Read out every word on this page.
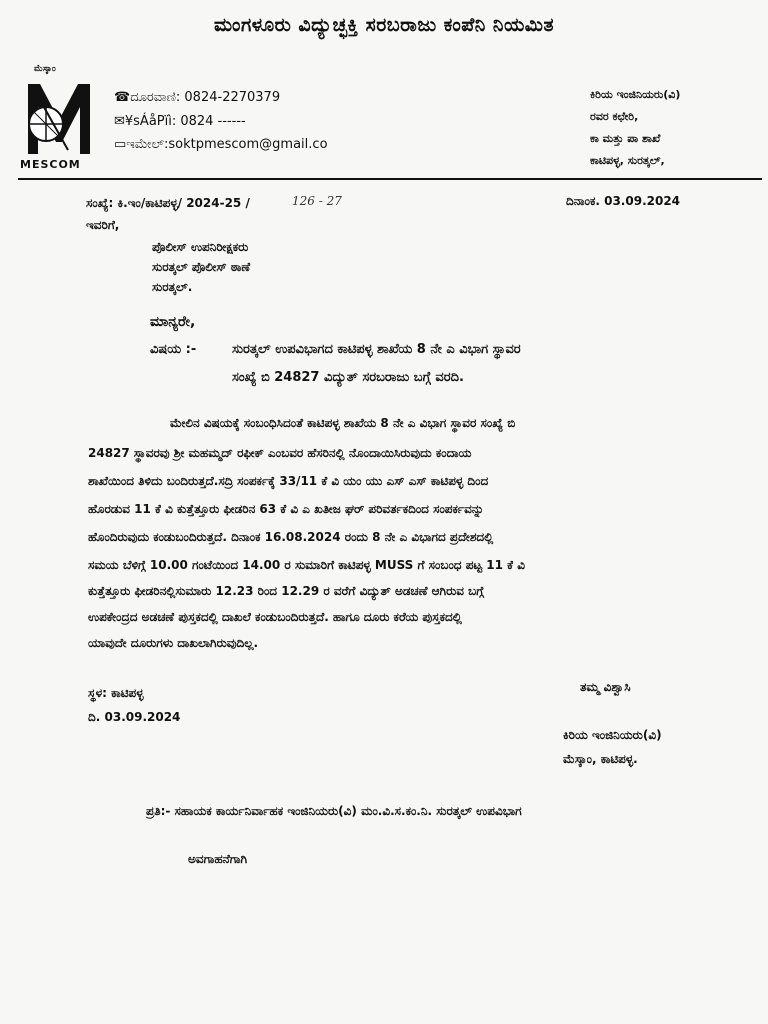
ಮಂಗಳೂರು ವಿದ್ಯುಚ್ಛಕ್ತಿ ಸರಬರಾಜು ಕಂಪೆನಿ ನಿಯಮಿತ
ಮೆಸ್ಕಾಂ
MESCOM
☎ದೂರವಾಣಿ: 0824-2270379
✉¥sÁåPïì: 0824 ------
▭ಇಮೇಲ್:soktpmescom@gmail.co
ಕಿರಿಯ ಇಂಜಿನಿಯರು(ವಿ)
ರವರ ಕಛೇರಿ,
ಕಾ ಮತ್ತು ಪಾ ಶಾಖೆ
ಕಾಟಿಪಳ್ಳ, ಸುರತ್ಕಲ್,
ಸಂಖ್ಯೆ: ಕಿ.ಇಂ/ಕಾಟಿಪಳ್ಳ/ 2024-25 /	126 - 27	ದಿನಾಂಕ. 03.09.2024
ಇವರಿಗೆ,
ಪೊಲೀಸ್ ಉಪನಿರೀಕ್ಷಕರು
ಸುರತ್ಕಲ್ ಪೊಲೀಸ್ ಠಾಣೆ
ಸುರತ್ಕಲ್.
ಮಾನ್ಯರೇ,
ವಿಷಯ :-	ಸುರತ್ಕಲ್ ಉಪವಿಭಾಗದ ಕಾಟಿಪಳ್ಳ ಶಾಖೆಯ 8 ನೇ ಎ ವಿಭಾಗ ಸ್ಥಾವರ
ಸಂಖ್ಯೆ ಬಿ 24827 ವಿದ್ಯುತ್ ಸರಬರಾಜು ಬಗ್ಗೆ ವರದಿ.
ಮೇಲಿನ ವಿಷಯಕ್ಕೆ ಸಂಬಂಧಿಸಿದಂತೆ ಕಾಟಿಪಳ್ಳ ಶಾಖೆಯ 8 ನೇ ಎ ವಿಭಾಗ ಸ್ಥಾವರ ಸಂಖ್ಯೆ ಬಿ
24827 ಸ್ಥಾವರವು ಶ್ರೀ ಮಹಮ್ಮದ್ ರಫೀಕ್ ಎಂಬವರ ಹೆಸರಿನಲ್ಲಿ ನೊಂದಾಯಿಸಿರುವುದು ಕಂದಾಯ
ಶಾಖೆಯಿಂದ ತಿಳಿದು ಬಂದಿರುತ್ತದೆ.ಸದ್ರಿ ಸಂಪರ್ಕಕ್ಕೆ 33/11 ಕೆ ವಿ ಯಂ ಯು ಎಸ್ ಎಸ್ ಕಾಟಿಪಳ್ಳ ದಿಂದ
ಹೊರಡುವ 11 ಕೆ ವಿ ಕುತ್ತೆತ್ತೂರು ಫೀಡರಿನ 63 ಕೆ ವಿ ಎ ಖತೀಜ ಘರ್ ಪರಿವರ್ತಕದಿಂದ ಸಂಪರ್ಕವನ್ನು
ಹೊಂದಿರುವುದು ಕಂಡುಬಂದಿರುತ್ತದೆ. ದಿನಾಂಕ 16.08.2024 ರಂದು 8 ನೇ ಎ ವಿಭಾಗದ ಪ್ರದೇಶದಲ್ಲಿ
ಸಮಯ ಬೆಳಿಗ್ಗೆ 10.00 ಗಂಟೆಯಿಂದ 14.00 ರ ಸುಮಾರಿಗೆ ಕಾಟಿಪಳ್ಳ MUSS ಗೆ ಸಂಬಂಧ ಪಟ್ಟ 11 ಕೆ ವಿ
ಕುತ್ತೆತ್ತೂರು ಫೀಡರಿನಲ್ಲಿಸುಮಾರು 12.23 ರಿಂದ 12.29 ರ ವರೆಗೆ ವಿದ್ಯುತ್ ಅಡಚಣೆ ಆಗಿರುವ ಬಗ್ಗೆ
ಉಪಕೇಂದ್ರದ ಅಡಚಣೆ ಪುಸ್ತಕದಲ್ಲಿ ದಾಖಲೆ ಕಂಡುಬಂದಿರುತ್ತದೆ. ಹಾಗೂ ದೂರು ಕರೆಯ ಪುಸ್ತಕದಲ್ಲಿ
ಯಾವುದೇ ದೂರುಗಳು ದಾಖಲಾಗಿರುವುದಿಲ್ಲ.
ಸ್ಥಳ: ಕಾಟಿಪಳ್ಳ
ದಿ. 03.09.2024
ತಮ್ಮ ವಿಶ್ವಾಸಿ
ಕಿರಿಯ ಇಂಜಿನಿಯರು(ವಿ)
ಮೆಸ್ಕಾಂ, ಕಾಟಿಪಳ್ಳ.
ಪ್ರತಿ:- ಸಹಾಯಕ ಕಾರ್ಯನಿರ್ವಾಹಕ ಇಂಜಿನಿಯರು(ವಿ) ಮಂ.ವಿ.ಸ.ಕಂ.ನಿ. ಸುರತ್ಕಲ್ ಉಪವಿಭಾಗ
ಅವಗಾಹನೆಗಾಗಿ
